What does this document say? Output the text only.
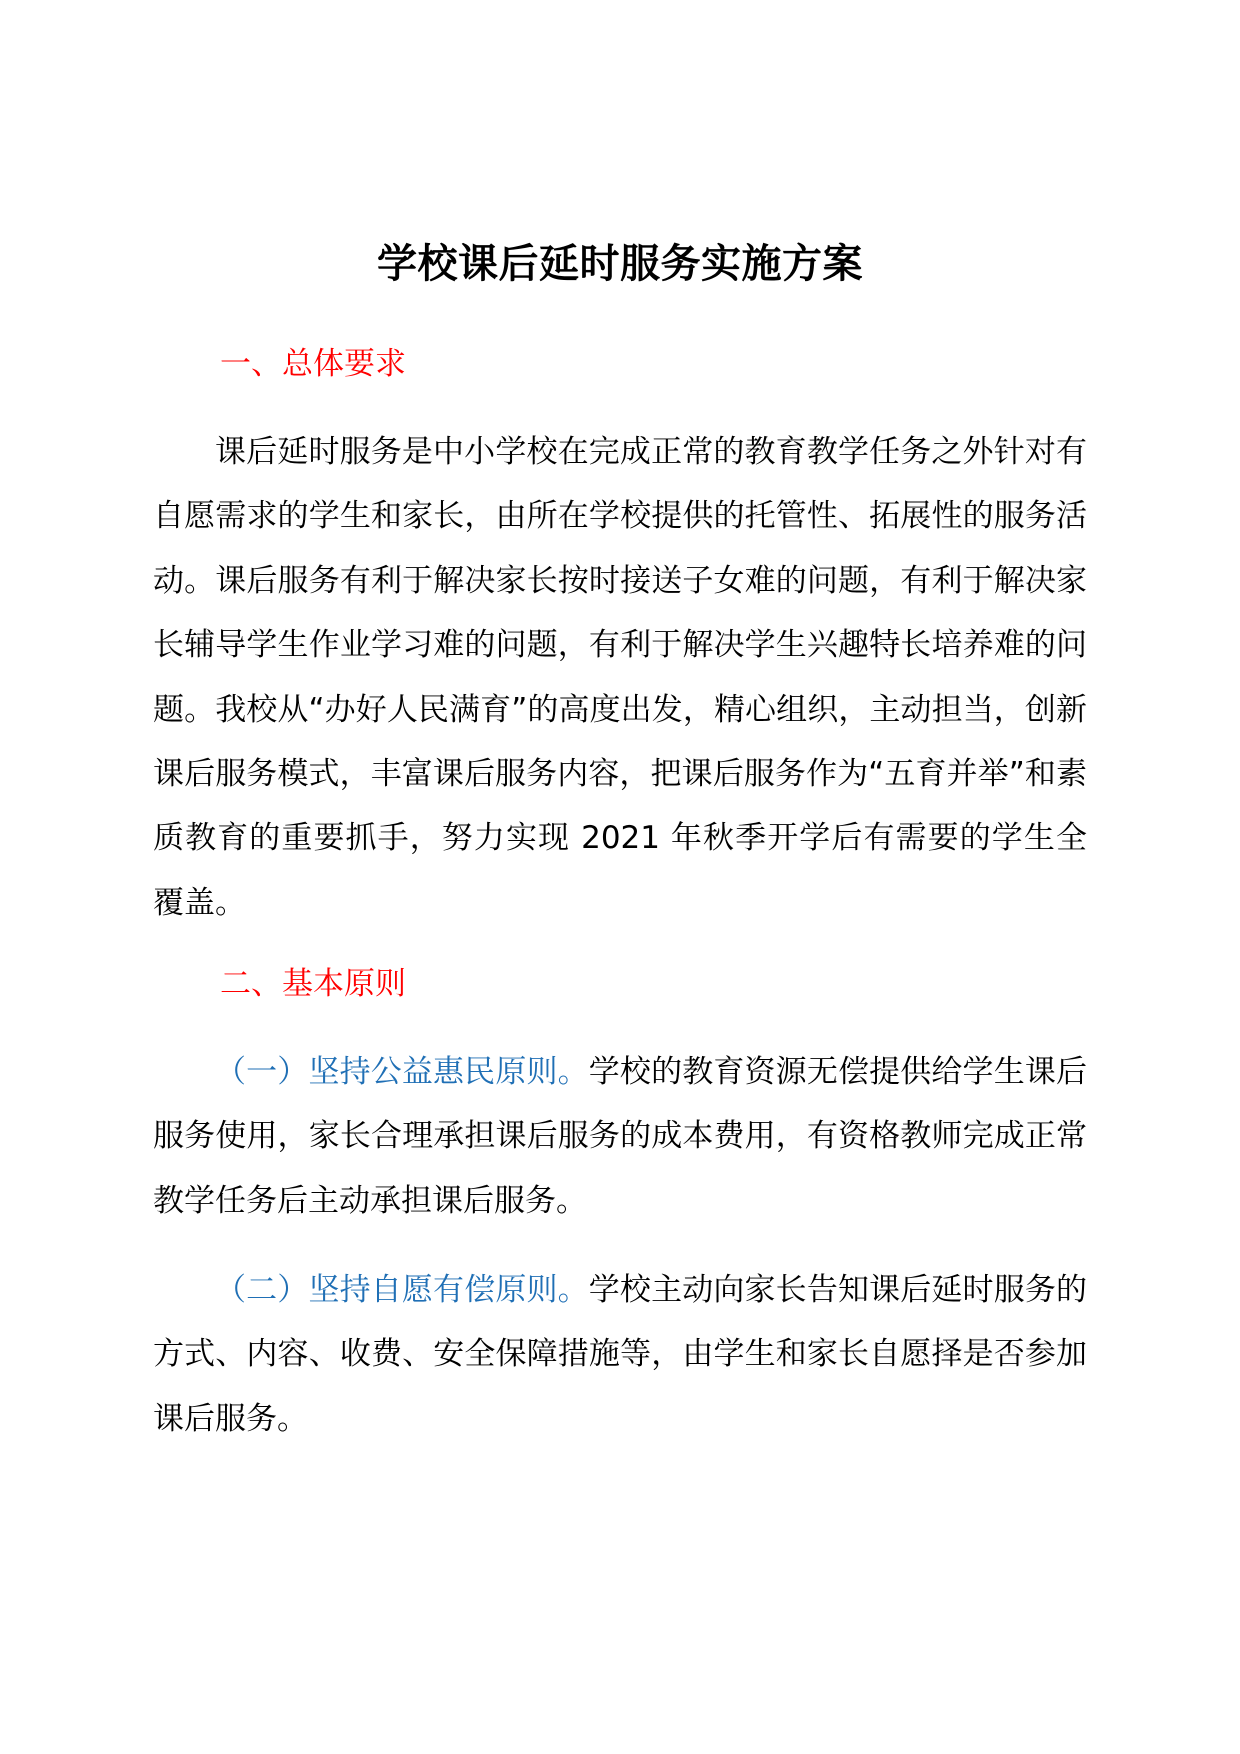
学校课后延时服务实施方案
一、总体要求
课后延时服务是中小学校在完成正常的教育教学任务之外针对有自愿需求的学生和家长，由所在学校提供的托管性、拓展性的服务活动。课后服务有利于解决家长按时接送子女难的问题，有利于解决家长辅导学生作业学习难的问题，有利于解决学生兴趣特长培养难的问题。我校从“办好人民满育”的高度出发，精心组织，主动担当，创新课后服务模式，丰富课后服务内容，把课后服务作为“五育并举”和素质教育的重要抓手，努力实现 2021 年秋季开学后有需要的学生全覆盖。
二、基本原则
（一）坚持公益惠民原则。学校的教育资源无偿提供给学生课后服务使用，家长合理承担课后服务的成本费用，有资格教师完成正常教学任务后主动承担课后服务。
（二）坚持自愿有偿原则。学校主动向家长告知课后延时服务的方式、内容、收费、安全保障措施等，由学生和家长自愿择是否参加课后服务。
